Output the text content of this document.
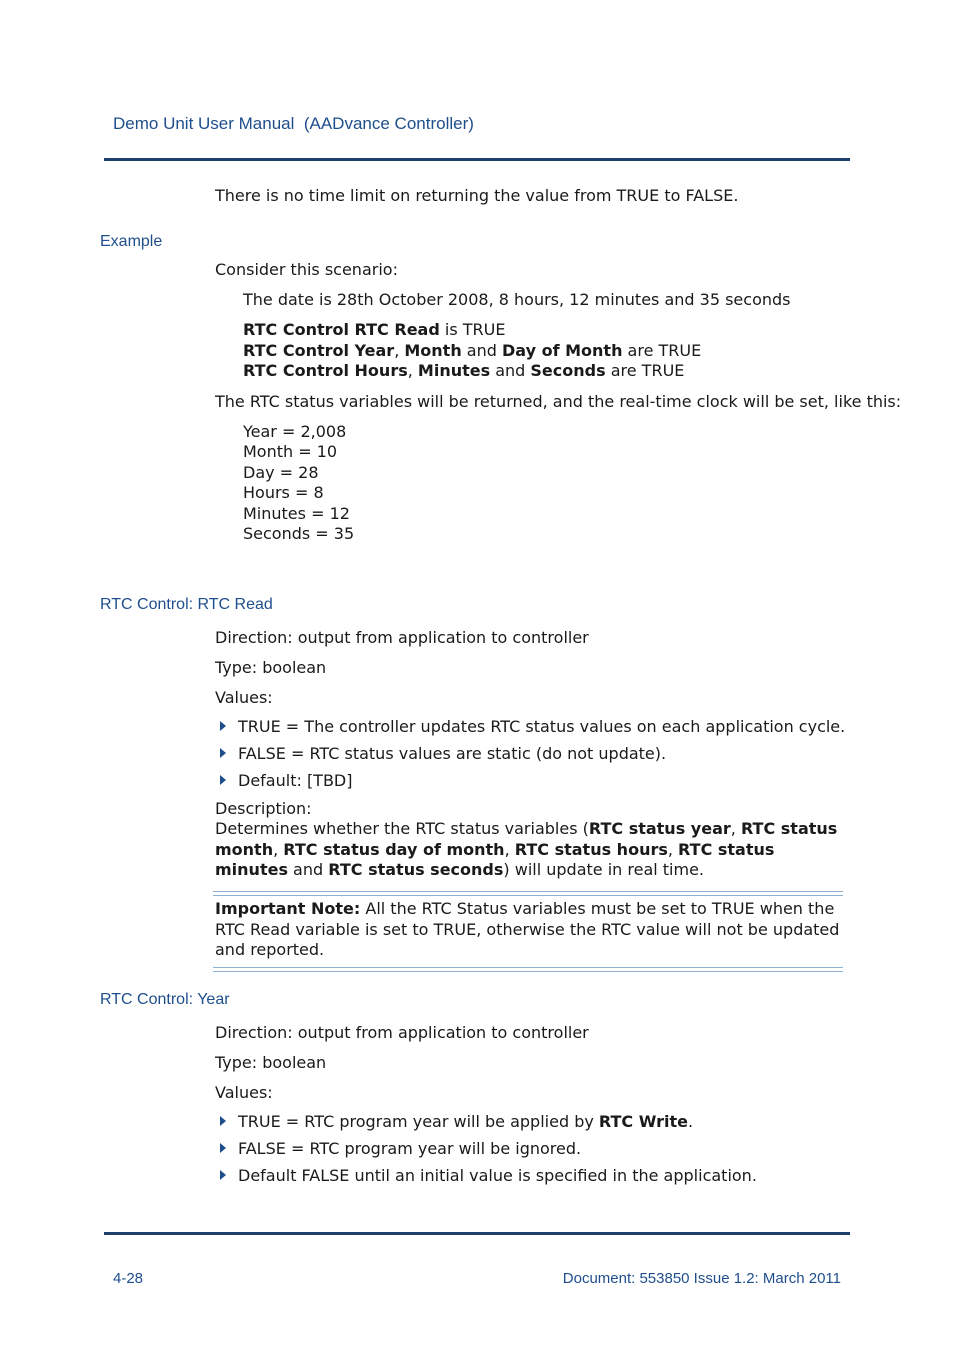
Demo Unit User Manual  (AADvance Controller)
There is no time limit on returning the value from TRUE to FALSE.
Example
Consider this scenario:
The date is 28th October 2008, 8 hours, 12 minutes and 35 seconds
RTC Control RTC Read is TRUE
RTC Control Year, Month and Day of Month are TRUE
RTC Control Hours, Minutes and Seconds are TRUE
The RTC status variables will be returned, and the real-time clock will be set, like this:
Year = 2,008
Month = 10
Day = 28
Hours = 8
Minutes = 12
Seconds = 35
RTC Control: RTC Read
Direction: output from application to controller
Type: boolean
Values:
TRUE = The controller updates RTC status values on each application cycle.
FALSE = RTC status values are static (do not update).
Default: [TBD]
Description:
Determines whether the RTC status variables (RTC status year, RTC status month, RTC status day of month, RTC status hours, RTC status minutes and RTC status seconds) will update in real time.
Important Note: All the RTC Status variables must be set to TRUE when the RTC Read variable is set to TRUE, otherwise the RTC value will not be updated and reported.
RTC Control: Year
Direction: output from application to controller
Type: boolean
Values:
TRUE = RTC program year will be applied by RTC Write.
FALSE = RTC program year will be ignored.
Default FALSE until an initial value is specified in the application.
4-28	Document: 553850 Issue 1.2: March 2011
